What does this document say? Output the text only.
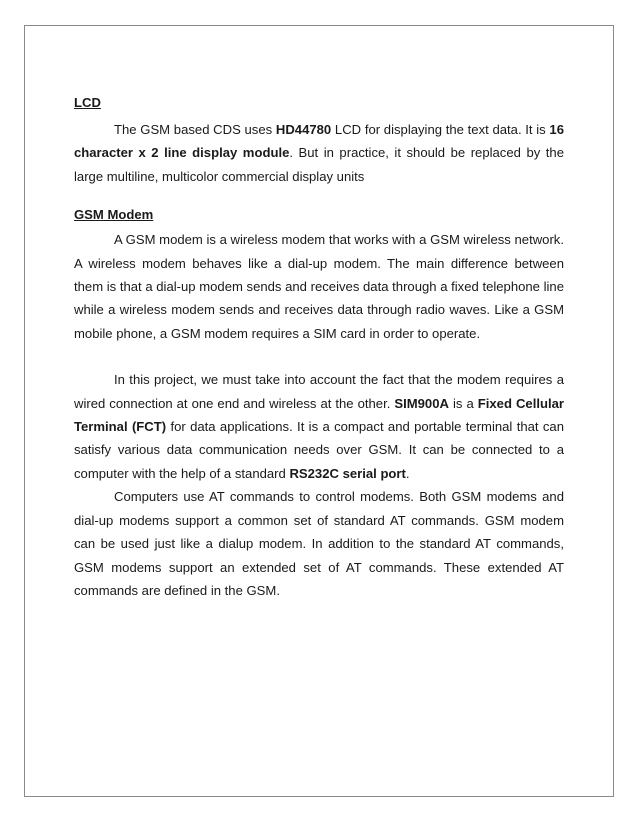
LCD

The GSM based CDS uses HD44780 LCD for displaying the text data. It is 16 character x 2 line display module. But in practice, it should be replaced by the large multiline, multicolor commercial display units

GSM Modem

A GSM modem is a wireless modem that works with a GSM wireless network. A wireless modem behaves like a dial-up modem. The main difference between them is that a dial-up modem sends and receives data through a fixed telephone line while a wireless modem sends and receives data through radio waves. Like a GSM mobile phone, a GSM modem requires a SIM card in order to operate.

In this project, we must take into account the fact that the modem requires a wired connection at one end and wireless at the other. SIM900A is a Fixed Cellular Terminal (FCT) for data applications. It is a compact and portable terminal that can satisfy various data communication needs over GSM. It can be connected to a computer with the help of a standard RS232C serial port.

Computers use AT commands to control modems. Both GSM modems and dial-up modems support a common set of standard AT commands. GSM modem can be used just like a dialup modem. In addition to the standard AT commands, GSM modems support an extended set of AT commands. These extended AT commands are defined in the GSM.
